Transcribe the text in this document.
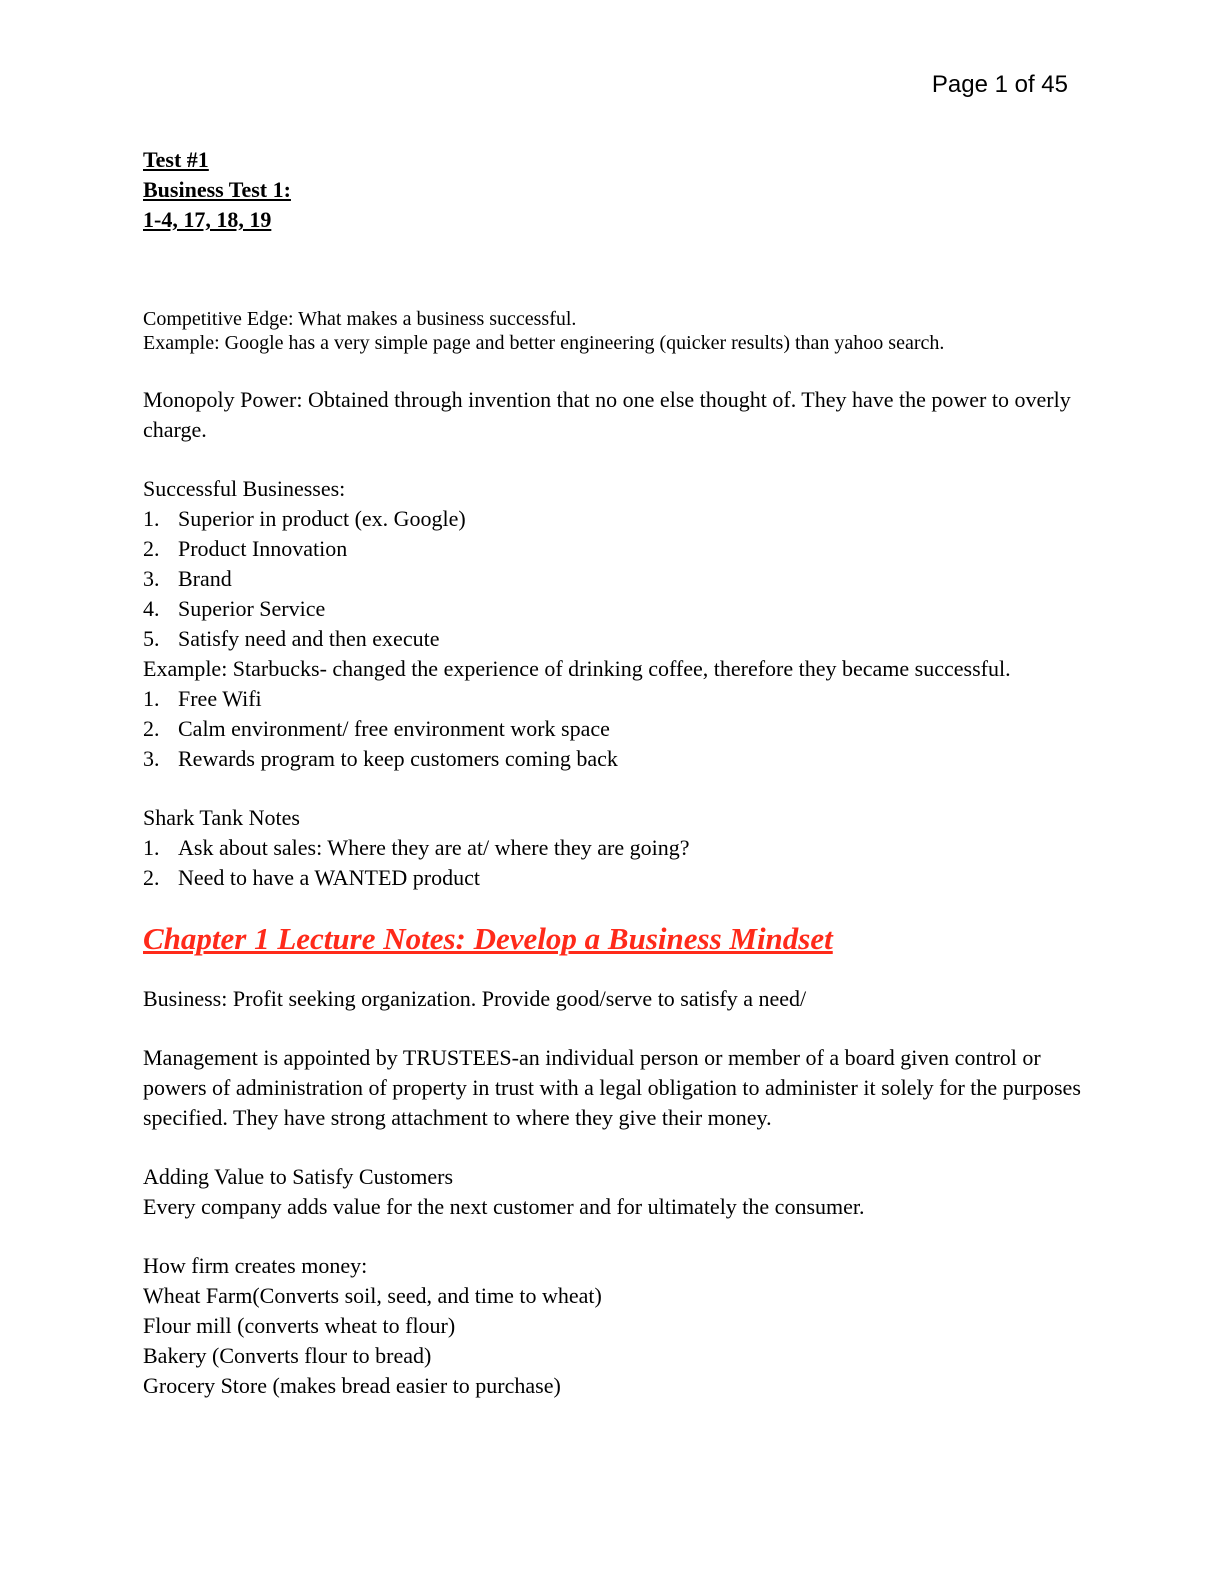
Page 1 of 45
Test #1
Business Test 1:
1-4, 17, 18, 19
Competitive Edge: What makes a business successful.
Example: Google has a very simple page and better engineering (quicker results) than yahoo search.
Monopoly Power: Obtained through invention that no one else thought of. They have the power to overly charge.
Successful Businesses:
1. Superior in product (ex. Google)
2. Product Innovation
3. Brand
4. Superior Service
5. Satisfy need and then execute
Example: Starbucks- changed the experience of drinking coffee, therefore they became successful.
1. Free Wifi
2. Calm environment/ free environment work space
3. Rewards program to keep customers coming back
Shark Tank Notes
1. Ask about sales: Where they are at/ where they are going?
2. Need to have a WANTED product
Chapter 1 Lecture Notes: Develop a Business Mindset
Business: Profit seeking organization. Provide good/serve to satisfy a need/
Management is appointed by TRUSTEES-an individual person or member of a board given control or powers of administration of property in trust with a legal obligation to administer it solely for the purposes specified. They have strong attachment to where they give their money.
Adding Value to Satisfy Customers
Every company adds value for the next customer and for ultimately the consumer.
How firm creates money:
Wheat Farm(Converts soil, seed, and time to wheat)
Flour mill (converts wheat to flour)
Bakery (Converts flour to bread)
Grocery Store (makes bread easier to purchase)
